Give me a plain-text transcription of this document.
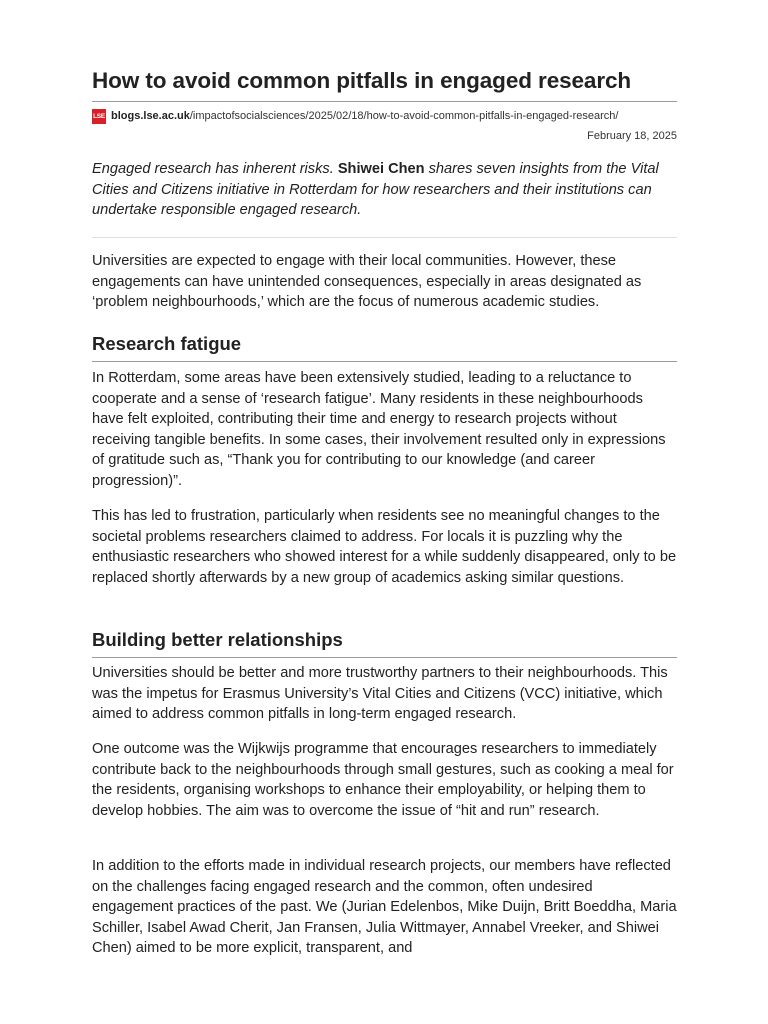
How to avoid common pitfalls in engaged research
LSE blogs.lse.ac.uk/impactofsocialsciences/2025/02/18/how-to-avoid-common-pitfalls-in-engaged-research/
February 18, 2025

Engaged research has inherent risks. Shiwei Chen shares seven insights from the Vital Cities and Citizens initiative in Rotterdam for how researchers and their institutions can undertake responsible engaged research.

Universities are expected to engage with their local communities. However, these engagements can have unintended consequences, especially in areas designated as ‘problem neighbourhoods,’ which are the focus of numerous academic studies.

Research fatigue

In Rotterdam, some areas have been extensively studied, leading to a reluctance to cooperate and a sense of ‘research fatigue’. Many residents in these neighbourhoods have felt exploited, contributing their time and energy to research projects without receiving tangible benefits. In some cases, their involvement resulted only in expressions of gratitude such as, “Thank you for contributing to our knowledge (and career progression)”.

This has led to frustration, particularly when residents see no meaningful changes to the societal problems researchers claimed to address. For locals it is puzzling why the enthusiastic researchers who showed interest for a while suddenly disappeared, only to be replaced shortly afterwards by a new group of academics asking similar questions.

Building better relationships

Universities should be better and more trustworthy partners to their neighbourhoods. This was the impetus for Erasmus University’s Vital Cities and Citizens (VCC) initiative, which aimed to address common pitfalls in long-term engaged research.

One outcome was the Wijkwijs programme that encourages researchers to immediately contribute back to the neighbourhoods through small gestures, such as cooking a meal for the residents, organising workshops to enhance their employability, or helping them to develop hobbies. The aim was to overcome the issue of “hit and run” research.

In addition to the efforts made in individual research projects, our members have reflected on the challenges facing engaged research and the common, often undesired engagement practices of the past. We (Jurian Edelenbos, Mike Duijn, Britt Boeddha, Maria Schiller, Isabel Awad Cherit, Jan Fransen, Julia Wittmayer, Annabel Vreeker, and Shiwei Chen) aimed to be more explicit, transparent, and
